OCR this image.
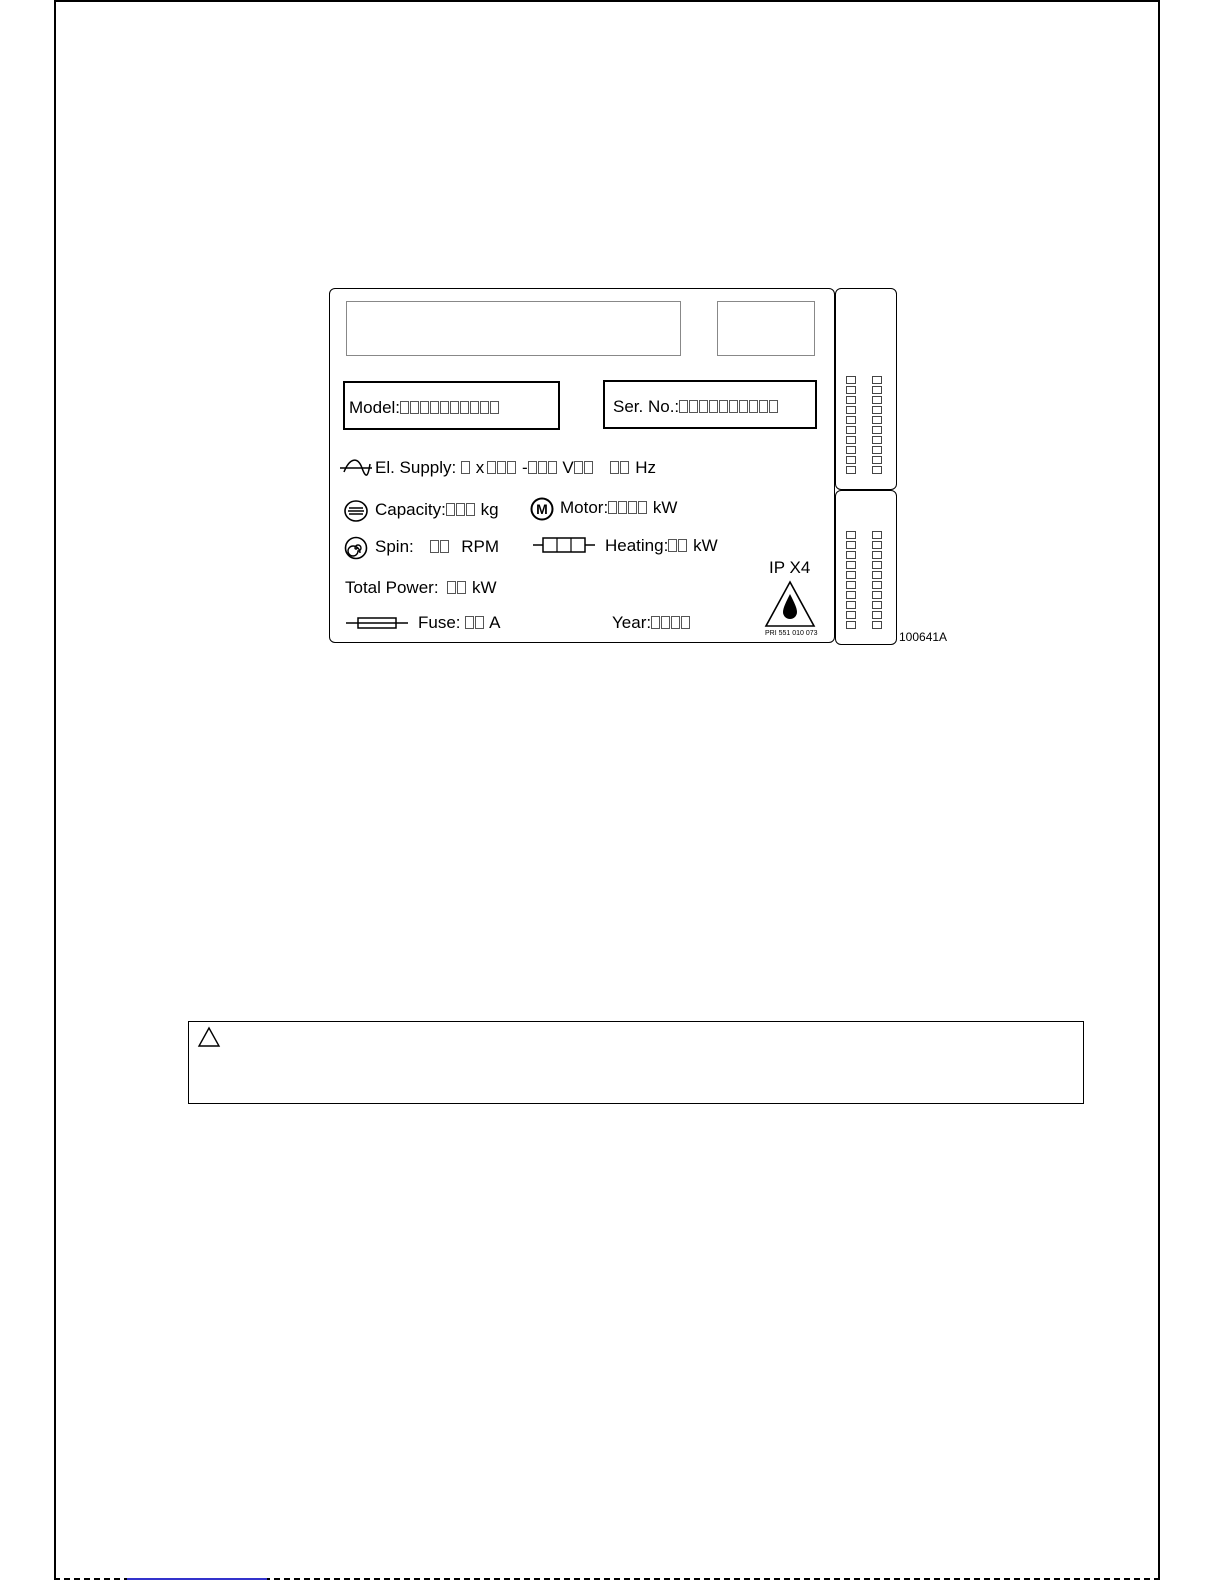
Model:	Ser. No.:
El. Supply: x - V	Hz
Capacity: kg	M Motor:	kW
Spin:	RPM	Heating: kW
IP X4
PRI 551 010 073
Total Power: kW
Fuse: A	Year:
100641A
